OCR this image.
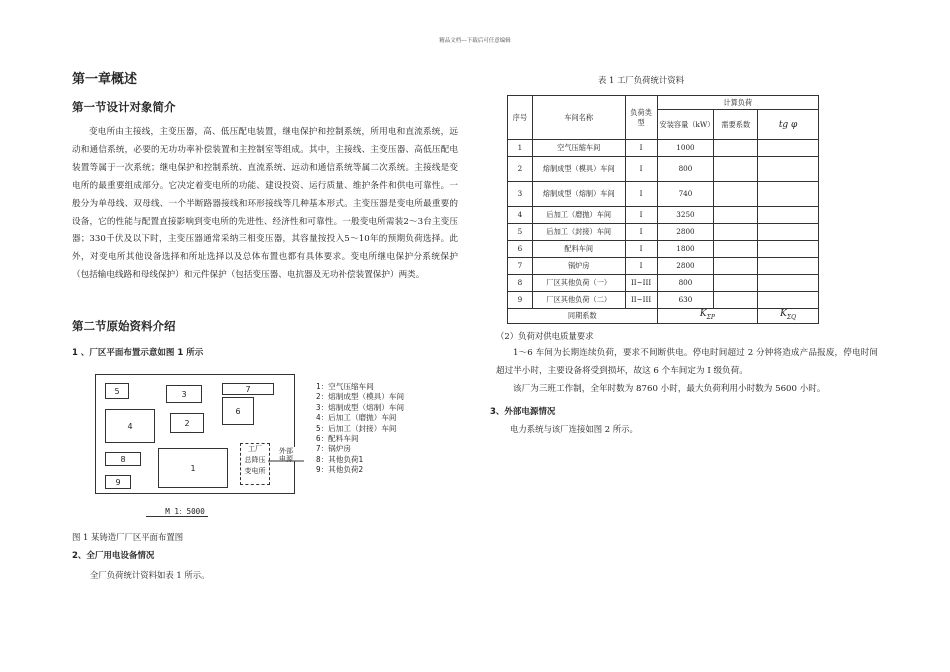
精品文档---下载后可任意编辑
第一章概述
第一节设计对象简介
变电所由主接线，主变压器，高、低压配电装置，继电保护和控制系统，所用电和直流系统，远动和通信系统，必要的无功功率补偿装置和主控制室等组成。其中，主接线、主变压器、高低压配电装置等属于一次系统；继电保护和控制系统、直流系统、远动和通信系统等属二次系统。主接线是变电所的最重要组成部分。它决定着变电所的功能、建设投资、运行质量、维护条件和供电可靠性。一般分为单母线、双母线、一个半断路器接线和环形接线等几种基本形式。主变压器是变电所最重要的设备，它的性能与配置直接影响到变电所的先进性、经济性和可靠性。一般变电所需装2～3台主变压器；330千伏及以下时，主变压器通常采纳三相变压器，其容量按投入5～10年的预期负荷选择。此外，对变电所其他设备选择和所址选择以及总体布置也都有具体要求。变电所继电保护分系统保护（包括输电线路和母线保护）和元件保护（包括变压器、电抗器及无功补偿装置保护）两类。
第二节原始资料介绍
1 、厂区平面布置示意如图 1 所示
5	3
7
6
4	2
8
1
9
工厂
总降压
变电所
外部
电源
1：空气压缩车间
2：熔制成型（模具）车间
3：熔制成型（熔制）车间
4：后加工（磨抛）车间
5：后加工（封接）车间
6：配料车间
7：锅炉房
8：其他负荷1
9：其他负荷2
M 1：5000
图 1 某铸造厂厂区平面布置图
2、全厂用电设备情况
全厂负荷统计资料如表 1 所示。
表 1 工厂负荷统计资料
序号	车间名称	负荷类型	计算负荷		
			安装容量（kW）	需要系数	tg φ
1	空气压缩车间	I	1000		
2	熔制成型（模具）车间	I	800		
3	熔制成型（熔制）车间	I	740		
4	后加工（磨抛）车间	I	3250		
5	后加工（封接）车间	I	2800		
6	配料车间	I	1800		
7	锅炉房	I	2800		
8	厂区其他负荷（一）	II~III	800		
9	厂区其他负荷（二）	II~III	630		
同期系数			$K_{\Sigma P}$		$K_{\Sigma Q}$
（2）负荷对供电质量要求
1～6 车间为长期连续负荷，要求不间断供电。停电时间超过 2 分钟将造成产品报废，停电时间超过半小时，主要设备将受到损坏，故这 6 个车间定为 I 级负荷。
该厂为三班工作制，全年时数为 8760 小时，最大负荷利用小时数为 5600 小时。
3、外部电源情况
电力系统与该厂连接如图 2 所示。
